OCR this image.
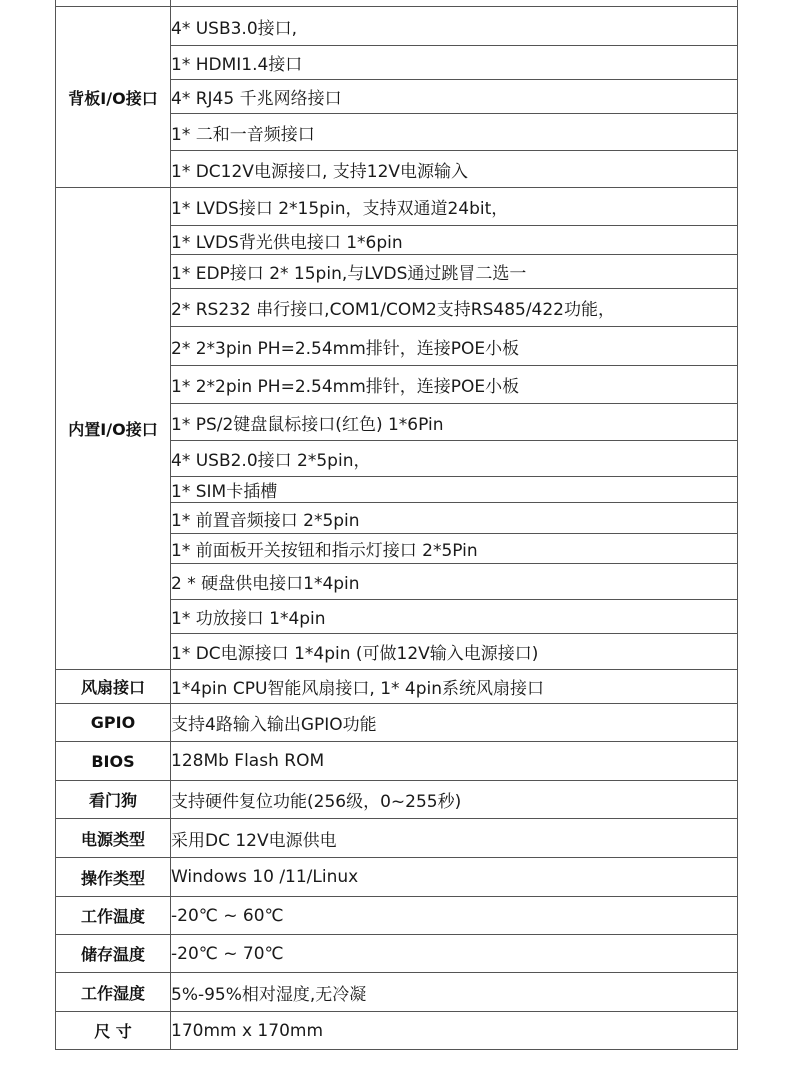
背板I/O接口	4* USB3.0接口,
	1* HDMI1.4接口
	4* RJ45 千兆网络接口
	1* 二和一音频接口
	1* DC12V电源接口, 支持12V电源输入
内置I/O接口	1* LVDS接口 2*15pin，支持双通道24bit，
	1* LVDS背光供电接口 1*6pin
	1* EDP接口 2* 15pin,与LVDS通过跳冒二选一
	2* RS232 串行接口,COM1/COM2支持RS485/422功能，
	2* 2*3pin PH=2.54mm排针，连接POE小板
	1* 2*2pin PH=2.54mm排针，连接POE小板
	1* PS/2键盘鼠标接口(红色) 1*6Pin
	4* USB2.0接口 2*5pin，
	1* SIM卡插槽
	1* 前置音频接口 2*5pin
	1* 前面板开关按钮和指示灯接口 2*5Pin
	2 * 硬盘供电接口1*4pin
	1* 功放接口 1*4pin
	1* DC电源接口 1*4pin (可做12V输入电源接口)
风扇接口	1*4pin CPU智能风扇接口, 1* 4pin系统风扇接口
GPIO	支持4路输入输出GPIO功能
BIOS	128Mb Flash ROM
看门狗	支持硬件复位功能(256级，0~255秒)
电源类型	采用DC 12V电源供电
操作类型	Windows 10 /11/Linux
工作温度	-20℃ ~ 60℃
储存温度	-20℃ ~ 70℃
工作湿度	5%-95%相对湿度,无冷凝
尺 寸	170mm x 170mm
